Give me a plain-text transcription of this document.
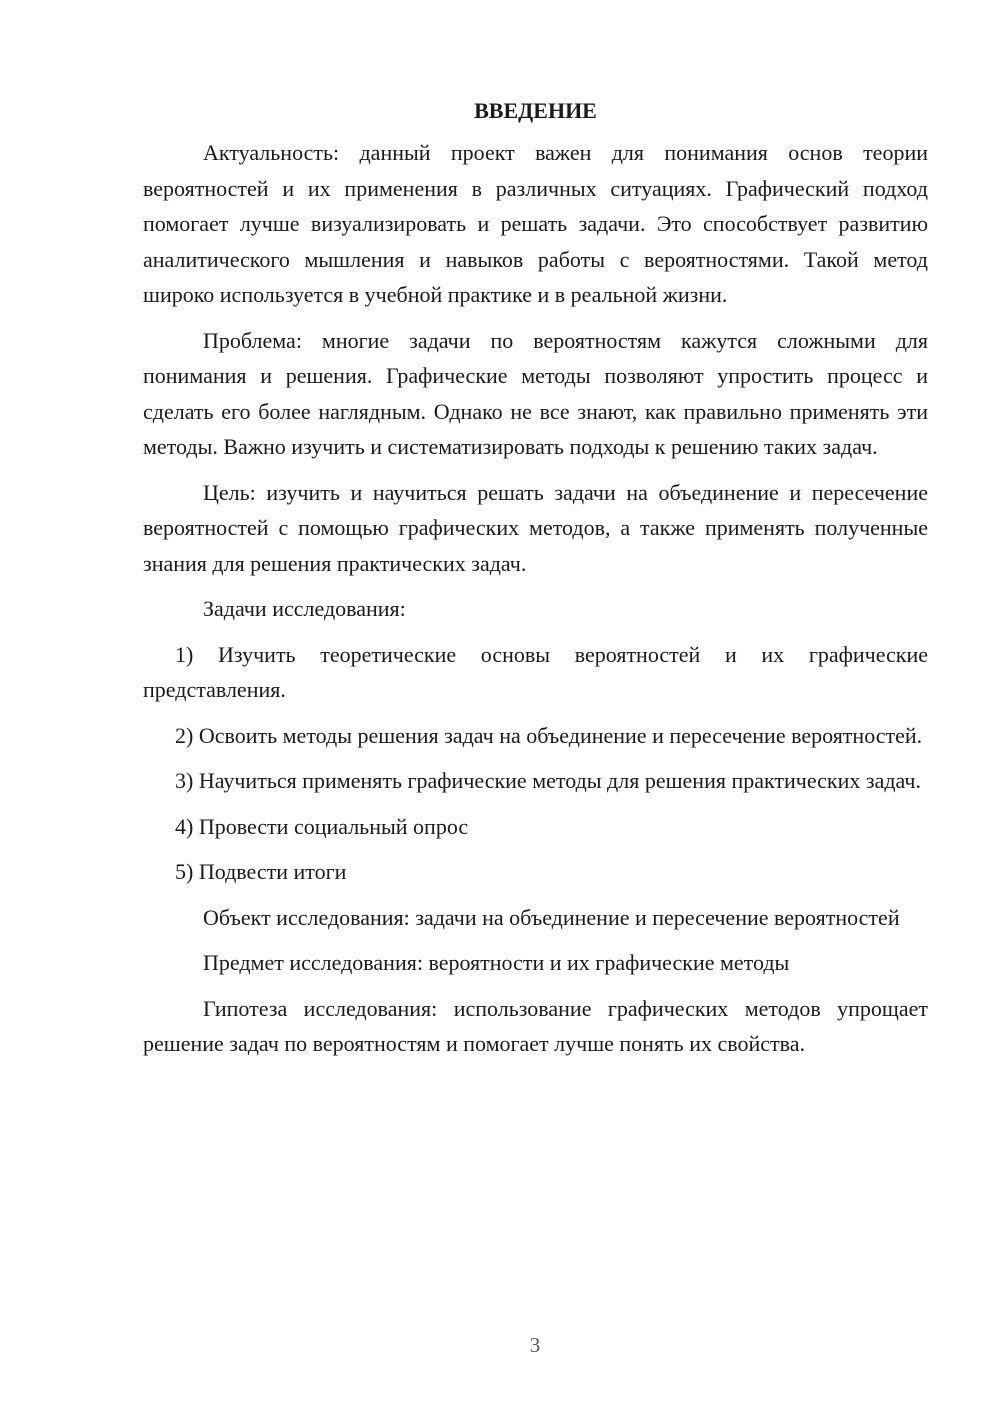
ВВЕДЕНИЕ

Актуальность: данный проект важен для понимания основ теории вероятностей и их применения в различных ситуациях. Графический подход помогает лучше визуализировать и решать задачи. Это способствует развитию аналитического мышления и навыков работы с вероятностями. Такой метод широко используется в учебной практике и в реальной жизни.

Проблема: многие задачи по вероятностям кажутся сложными для понимания и решения. Графические методы позволяют упростить процесс и сделать его более наглядным. Однако не все знают, как правильно применять эти методы. Важно изучить и систематизировать подходы к решению таких задач.

Цель: изучить и научиться решать задачи на объединение и пересечение вероятностей с помощью графических методов, а также применять полученные знания для решения практических задач.

Задачи исследования:

1) Изучить теоретические основы вероятностей и их графические представления.

2) Освоить методы решения задач на объединение и пересечение вероятностей.

3) Научиться применять графические методы для решения практических задач.

4) Провести социальный опрос

5) Подвести итоги

Объект исследования: задачи на объединение и пересечение вероятностей

Предмет исследования: вероятности и их графические методы

Гипотеза исследования: использование графических методов упрощает решение задач по вероятностям и помогает лучше понять их свойства.

3
